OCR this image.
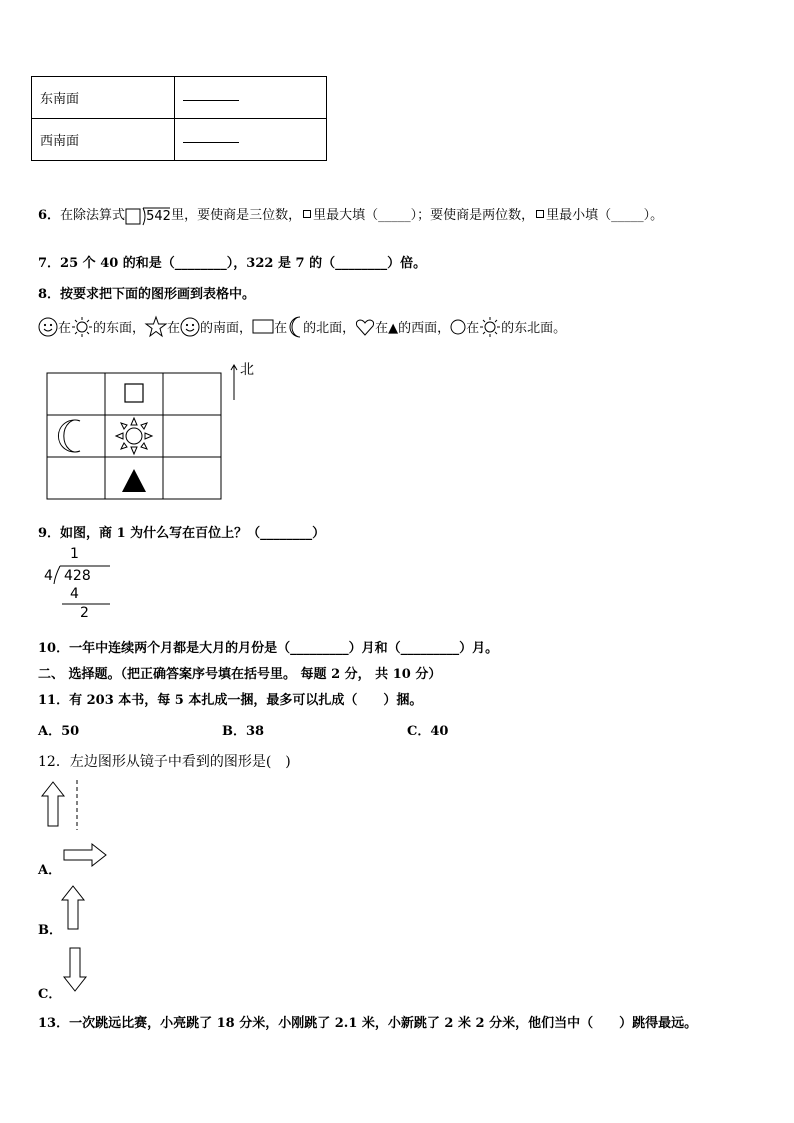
东南面	
西南面	
6．在除法算式 542 里，要使商是三位数， 里最大填（_____）；要使商是两位数， 里最小填（_____）。
7．25 个 40 的和是（________），322 是 7 的（________）倍。
8．按要求把下面的图形画到表格中。
在 的东面， 在 的南面， 在 的北面， 在▲的西面， 在 的东北面。
北
9．如图，商 1 为什么写在百位上？（________）
1
4 428
4
2
10．一年中连续两个月都是大月的月份是（_________）月和（_________）月。
二、 选择题。（把正确答案序号填在括号里。 每题 2 分， 共 10 分）
11．有 203 本书，每 5 本扎成一捆，最多可以扎成（　　）捆。
A．50	B．38	C．40
12．左边图形从镜子中看到的图形是(　)
A．
B．
C．
13．一次跳远比赛，小亮跳了 18 分米，小刚跳了 2.1 米，小新跳了 2 米 2 分米，他们当中（　　）跳得最远。
